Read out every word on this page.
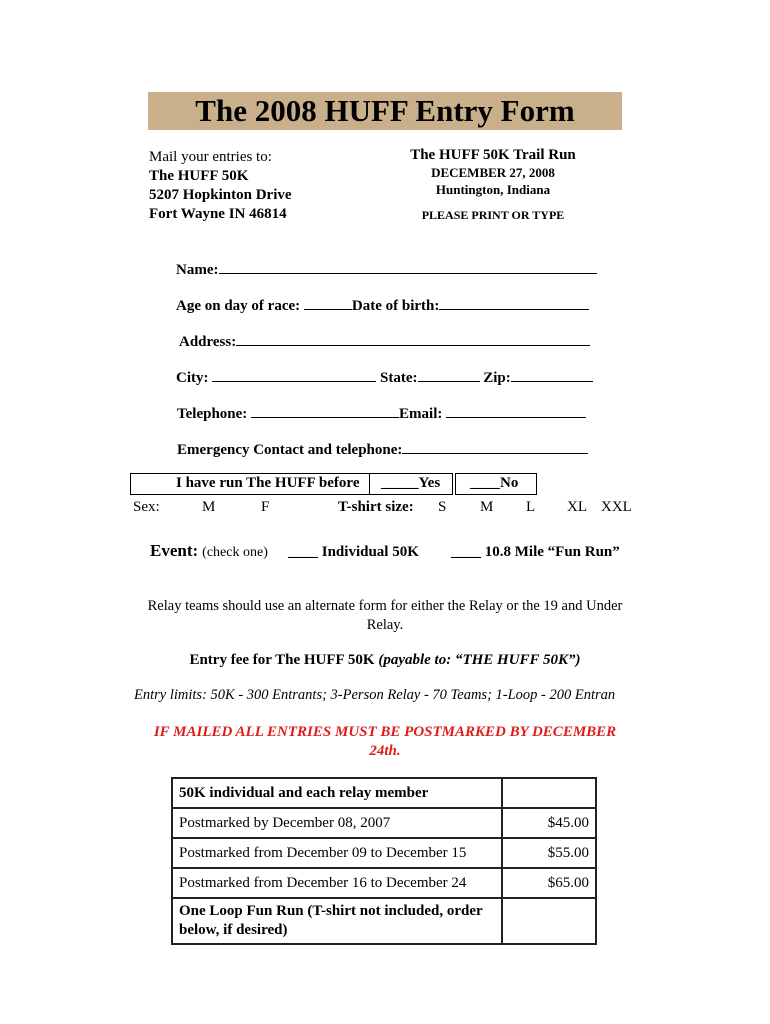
The 2008 HUFF Entry Form
Mail your entries to:
The HUFF 50K
5207 Hopkinton Drive
Fort Wayne IN 46814
The HUFF 50K Trail Run
DECEMBER 27, 2008
Huntington, Indiana
PLEASE PRINT OR TYPE
Name:
Age on day of race:	Date of birth:
Address:
City:	State:	Zip:
Telephone:	Email:
Emergency Contact and telephone:
I have run The HUFF before _____Yes ____No
Sex:	M	F	T-shirt size: S M L XL XXL
Event: (check one) ____ Individual 50K ____ 10.8 Mile “Fun Run”
Relay teams should use an alternate form for either the Relay or the 19 and Under
Relay.
Entry fee for The HUFF 50K (payable to: “THE HUFF 50K”)
Entry limits: 50K - 300 Entrants; 3-Person Relay - 70 Teams; 1-Loop - 200 Entran
IF MAILED ALL ENTRIES MUST BE POSTMARKED BY DECEMBER
24th.
50K individual and each relay member	
Postmarked by December 08, 2007	$45.00
Postmarked from December 09 to December 15	$55.00
Postmarked from December 16 to December 24	$65.00

One Loop Fun Run (T-shirt not included, order
below, if desired)	
